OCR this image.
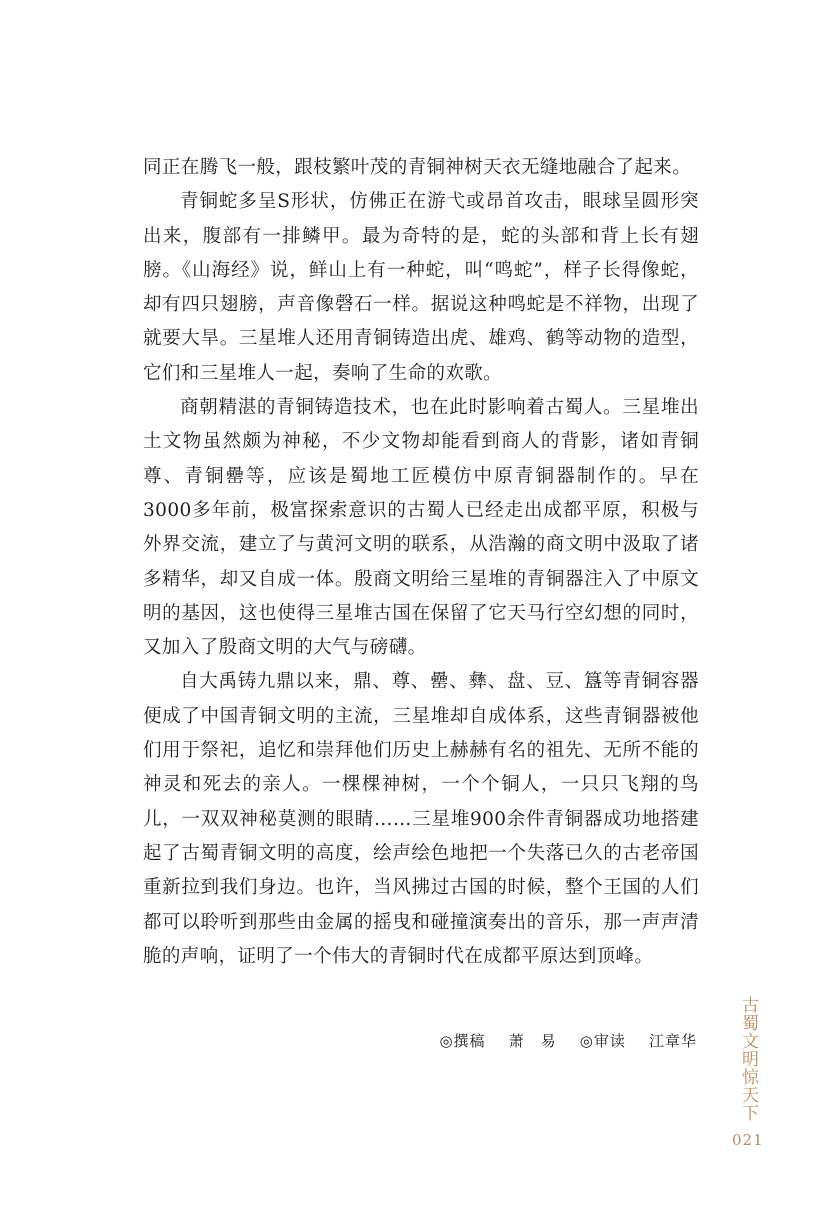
同正在腾飞一般，跟枝繁叶茂的青铜神树天衣无缝地融合了起来。

青铜蛇多呈S形状，仿佛正在游弋或昂首攻击，眼球呈圆形突出来，腹部有一排鳞甲。最为奇特的是，蛇的头部和背上长有翅膀。《山海经》说，鲜山上有一种蛇，叫“鸣蛇”，样子长得像蛇，却有四只翅膀，声音像磬石一样。据说这种鸣蛇是不祥物，出现了就要大旱。三星堆人还用青铜铸造出虎、雄鸡、鹤等动物的造型，它们和三星堆人一起，奏响了生命的欢歌。

商朝精湛的青铜铸造技术，也在此时影响着古蜀人。三星堆出土文物虽然颇为神秘，不少文物却能看到商人的背影，诸如青铜尊、青铜罍等，应该是蜀地工匠模仿中原青铜器制作的。早在3000多年前，极富探索意识的古蜀人已经走出成都平原，积极与外界交流，建立了与黄河文明的联系，从浩瀚的商文明中汲取了诸多精华，却又自成一体。殷商文明给三星堆的青铜器注入了中原文明的基因，这也使得三星堆古国在保留了它天马行空幻想的同时，又加入了殷商文明的大气与磅礴。

自大禹铸九鼎以来，鼎、尊、罍、彝、盘、豆、簋等青铜容器便成了中国青铜文明的主流，三星堆却自成体系，这些青铜器被他们用于祭祀，追忆和崇拜他们历史上赫赫有名的祖先、无所不能的神灵和死去的亲人。一棵棵神树，一个个铜人，一只只飞翔的鸟儿，一双双神秘莫测的眼睛……三星堆900余件青铜器成功地搭建起了古蜀青铜文明的高度，绘声绘色地把一个失落已久的古老帝国重新拉到我们身边。也许，当风拂过古国的时候，整个王国的人们都可以聆听到那些由金属的摇曳和碰撞演奏出的音乐，那一声声清脆的声响，证明了一个伟大的青铜时代在成都平原达到顶峰。

◎撰稿 萧　易 ◎审读 江章华 古蜀文明惊天下
021
